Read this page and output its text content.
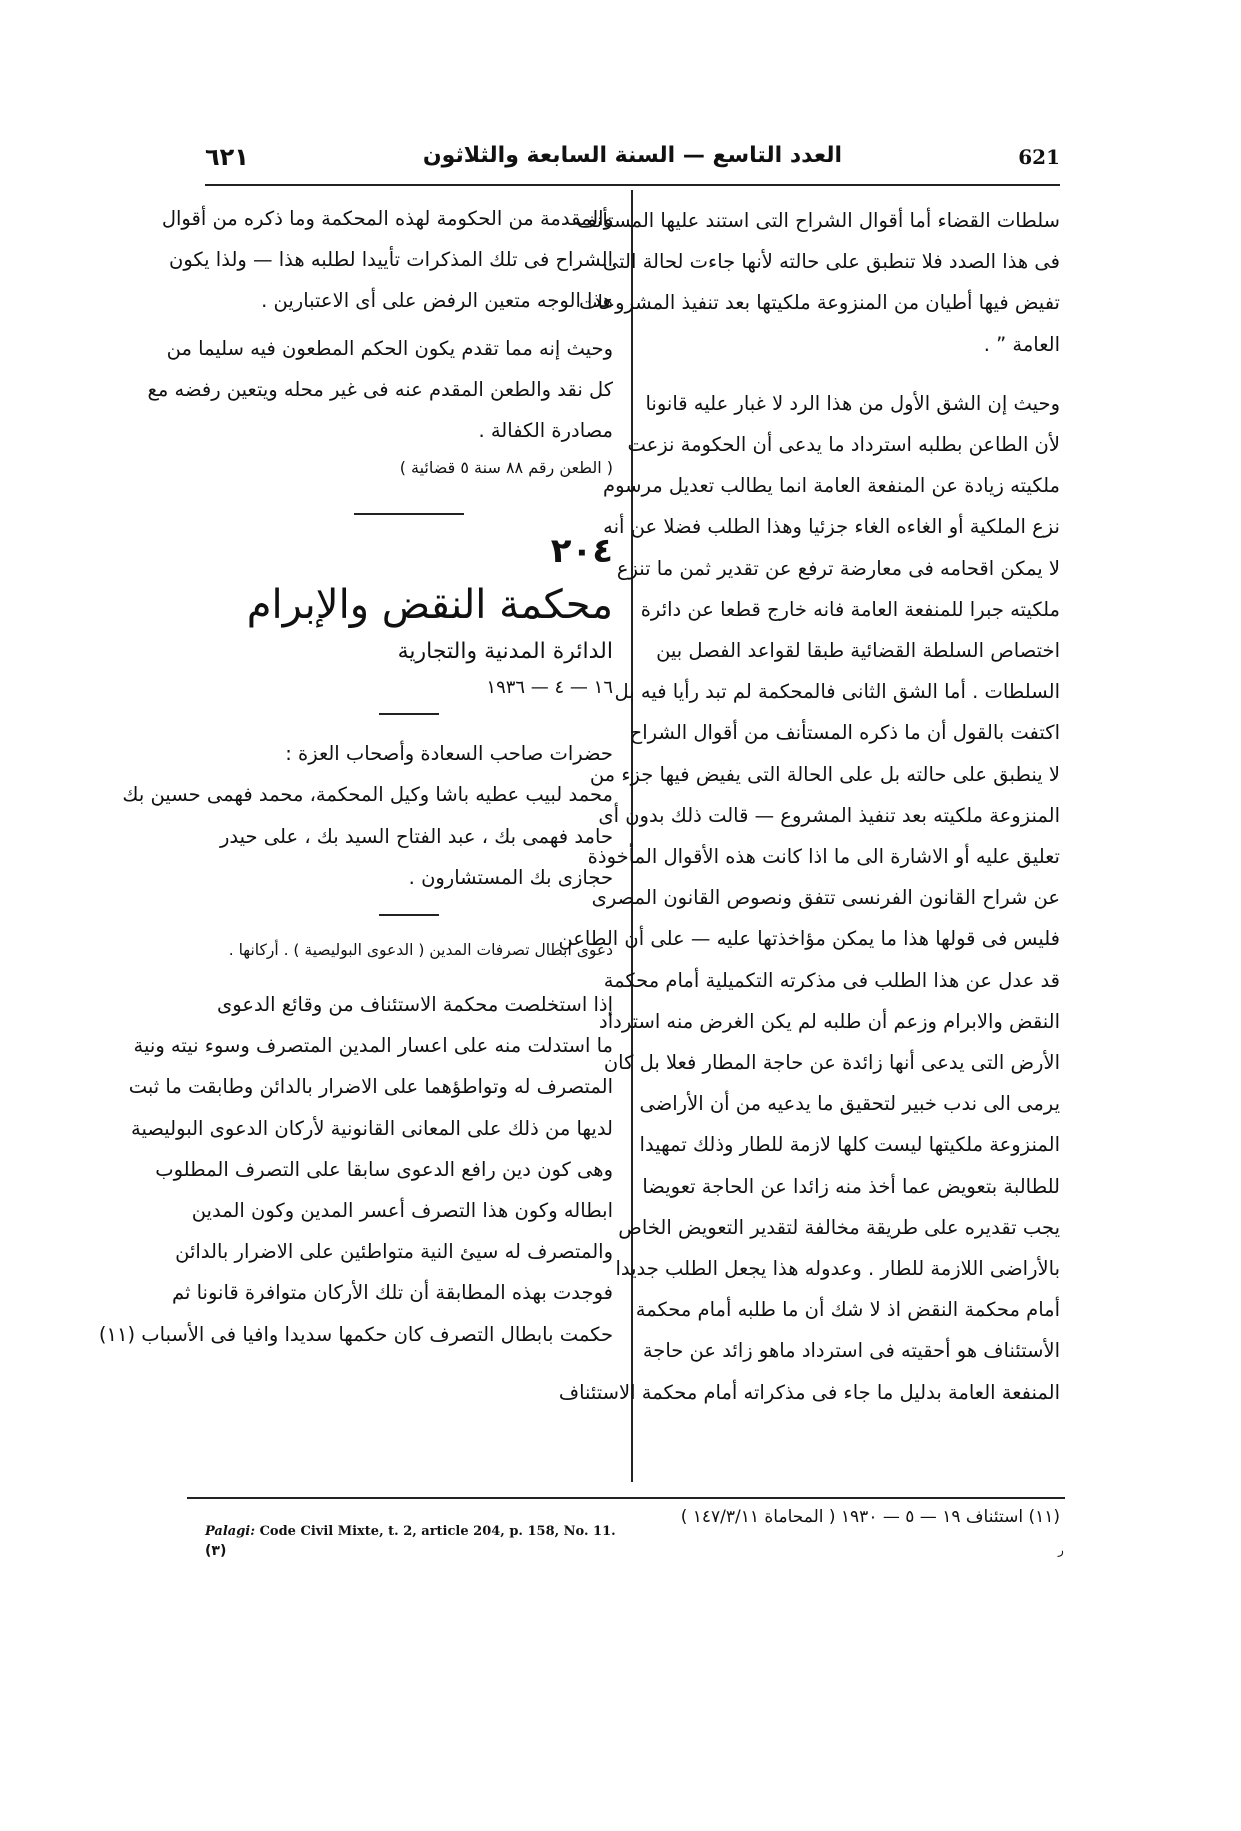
٦٢١	العدد التاسع — السنة السابعة والثلاثون	621

سلطات القضاء أما أقوال الشراح التى استند عليها المستأنف
فى هذا الصدد فلا تنطبق على حالته لأنها جاءت لحالة التى
تفيض فيها أطيان من المنزوعة ملكيتها بعد تنفيذ المشروعات
العامة ” .

وحيث إن الشق الأول من هذا الرد لا غبار عليه قانونا
لأن الطاعن بطلبه استرداد ما يدعى أن الحكومة نزعت
ملكيته زيادة عن المنفعة العامة انما يطالب تعديل مرسوم
نزع الملكية أو الغاءه الغاء جزئيا وهذا الطلب فضلا عن أنه
لا يمكن اقحامه فى معارضة ترفع عن تقدير ثمن ما تنزع
ملكيته جبرا للمنفعة العامة فانه خارج قطعا عن دائرة
اختصاص السلطة القضائية طبقا لقواعد الفصل بين
السلطات . أما الشق الثانى فالمحكمة لم تبد رأيا فيه بل
اكتفت بالقول أن ما ذكره المستأنف من أقوال الشراح
لا ينطبق على حالته بل على الحالة التى يفيض فيها جزء من
المنزوعة ملكيته بعد تنفيذ المشروع — قالت ذلك بدون أى
تعليق عليه أو الاشارة الى ما اذا كانت هذه الأقوال المأخوذة
عن شراح القانون الفرنسى تتفق ونصوص القانون المصرى
فليس فى قولها هذا ما يمكن مؤاخذتها عليه — على أن الطاعن
قد عدل عن هذا الطلب فى مذكرته التكميلية أمام محكمة
النقض والابرام وزعم أن طلبه لم يكن الغرض منه استرداد
الأرض التى يدعى أنها زائدة عن حاجة المطار فعلا بل كان
يرمى الى ندب خبير لتحقيق ما يدعيه من أن الأراضى
المنزوعة ملكيتها ليست كلها لازمة للطار وذلك تمهيدا
للطالبة بتعويض عما أخذ منه زائدا عن الحاجة تعويضا
يجب تقديره على طريقة مخالفة لتقدير التعويض الخاص
بالأراضى اللازمة للطار . وعدوله هذا يجعل الطلب جديدا
أمام محكمة النقض اذ لا شك أن ما طلبه أمام محكمة
الأستئناف هو أحقيته فى استرداد ماهو زائد عن حاجة
المنفعة العامة بدليل ما جاء فى مذكراته أمام محكمة الاستئناف

والمقدمة من الحكومة لهذه المحكمة وما ذكره من أقوال
الشراح فى تلك المذكرات تأييدا لطلبه هذا — ولذا يكون
هذا الوجه متعين الرفض على أى الاعتبارين .

وحيث إنه مما تقدم يكون الحكم المطعون فيه سليما من
كل نقد والطعن المقدم عنه فى غير محله ويتعين رفضه مع
مصادرة الكفالة .

( الطعن رقم ٨٨ سنة ٥ قضائية )
٢٠٤
محكمة النقض والإبرام
الدائرة المدنية والتجارية
١٦ — ٤ — ١٩٣٦
حضرات صاحب السعادة وأصحاب العزة :
محمد لبيب عطيه باشا وكيل المحكمة، محمد فهمى حسين بك
حامد فهمى بك ، عبد الفتاح السيد بك ، على حيدر
حجازى بك المستشارون .
دعوى ابطال تصرفات المدين ( الدعوى البوليصية ) . أركانها .

إذا استخلصت محكمة الاستئناف من وقائع الدعوى
ما استدلت منه على اعسار المدين المتصرف وسوء نيته ونية
المتصرف له وتواطؤهما على الاضرار بالدائن وطابقت ما ثبت
لديها من ذلك على المعانى القانونية لأركان الدعوى البوليصية
وهى كون دين رافع الدعوى سابقا على التصرف المطلوب
ابطاله وكون هذا التصرف أعسر المدين وكون المدين
والمتصرف له سيئ النية متواطئين على الاضرار بالدائن
فوجدت بهذه المطابقة أن تلك الأركان متوافرة قانونا ثم
حكمت بابطال التصرف كان حكمها سديدا وافيا فى الأسباب (١١)

(١١) استئناف ١٩ — ٥ — ١٩٣٠ ( المحاماة ١٤٧/٣/١١ )
Palagi: Code Civil Mixte, t. 2, article 204, p. 158, No. 11.
(٣)	ر
